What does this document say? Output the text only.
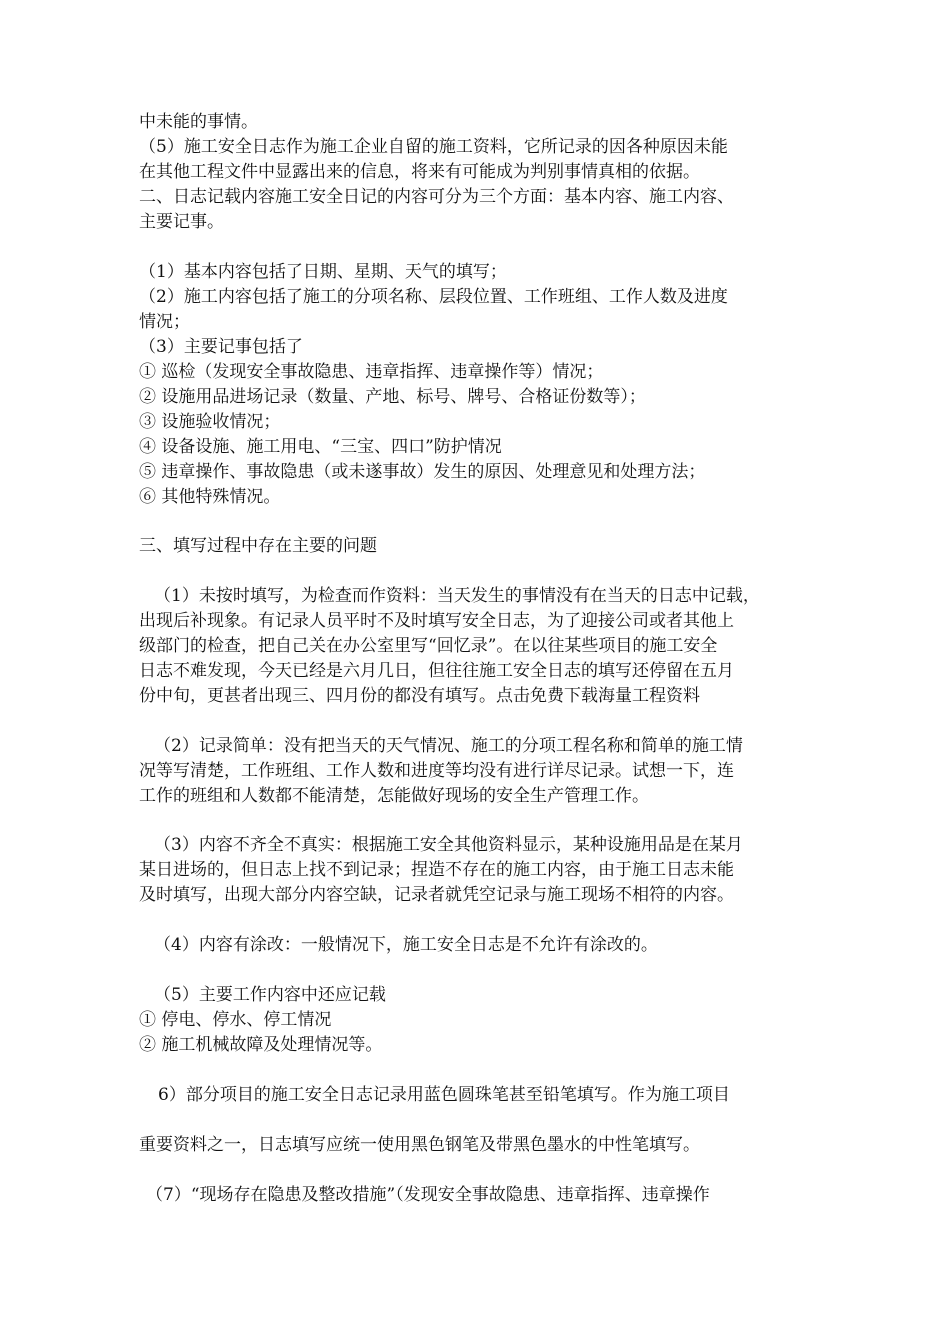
中未能的事情。
（5）施工安全日志作为施工企业自留的施工资料，它所记录的因各种原因未能
在其他工程文件中显露出来的信息，将来有可能成为判别事情真相的依据。
二、日志记载内容施工安全日记的内容可分为三个方面：基本内容、施工内容、
主要记事。
（1）基本内容包括了日期、星期、天气的填写；
（2）施工内容包括了施工的分项名称、层段位置、工作班组、工作人数及进度
情况；
（3）主要记事包括了
① 巡检（发现安全事故隐患、违章指挥、违章操作等）情况；
② 设施用品进场记录（数量、产地、标号、牌号、合格证份数等）；
③ 设施验收情况；
④ 设备设施、施工用电、“三宝、四口”防护情况
⑤ 违章操作、事故隐患（或未遂事故）发生的原因、处理意见和处理方法；
⑥ 其他特殊情况。
三、填写过程中存在主要的问题
（1）未按时填写，为检查而作资料：当天发生的事情没有在当天的日志中记载，
出现后补现象。有记录人员平时不及时填写安全日志，为了迎接公司或者其他上
级部门的检查，把自己关在办公室里写“回忆录”。在以往某些项目的施工安全
日志不难发现，今天已经是六月几日，但往往施工安全日志的填写还停留在五月
份中旬，更甚者出现三、四月份的都没有填写。点击免费下载海量工程资料
（2）记录简单：没有把当天的天气情况、施工的分项工程名称和简单的施工情
况等写清楚，工作班组、工作人数和进度等均没有进行详尽记录。试想一下，连
工作的班组和人数都不能清楚，怎能做好现场的安全生产管理工作。
（3）内容不齐全不真实：根据施工安全其他资料显示，某种设施用品是在某月
某日进场的，但日志上找不到记录；捏造不存在的施工内容，由于施工日志未能
及时填写，出现大部分内容空缺，记录者就凭空记录与施工现场不相符的内容。
（4）内容有涂改：一般情况下，施工安全日志是不允许有涂改的。
（5）主要工作内容中还应记载
① 停电、停水、停工情况
② 施工机械故障及处理情况等。
6）部分项目的施工安全日志记录用蓝色圆珠笔甚至铅笔填写。作为施工项目
重要资料之一，日志填写应统一使用黑色钢笔及带黑色墨水的中性笔填写。
（7）“现场存在隐患及整改措施”（发现安全事故隐患、违章指挥、违章操作
